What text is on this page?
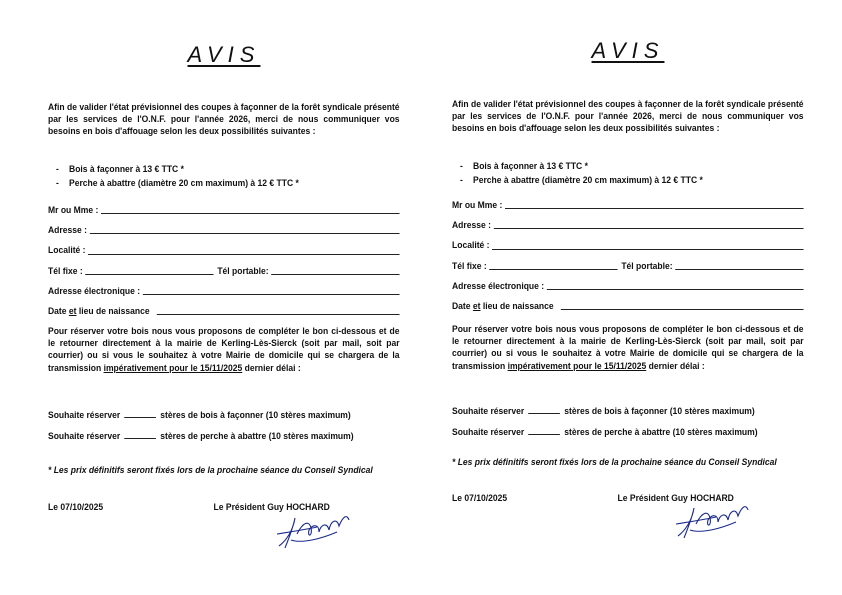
AVIS
Afin de valider l'état prévisionnel des coupes à façonner de la forêt syndicale présenté par les services de l'O.N.F. pour l'année 2026, merci de nous communiquer vos besoins en bois d'affouage selon les deux possibilités suivantes :
- Bois à façonner à 13 € TTC *
- Perche à abattre (diamètre 20 cm maximum) à 12 € TTC *
Mr ou Mme :
Adresse :
Localité :
Tél fixe :	Tél portable:
Adresse électronique :
Date et lieu de naissance
Pour réserver votre bois nous vous proposons de compléter le bon ci-dessous et de le retourner directement à la mairie de Kerling-Lès-Sierck (soit par mail, soit par courrier) ou si vous le souhaitez à votre Mairie de domicile qui se chargera de la transmission impérativement pour le 15/11/2025 dernier délai :
Souhaite réserver	stères de bois à façonner (10 stères maximum)
Souhaite réserver	stères de perche à abattre (10 stères maximum)
* Les prix définitifs seront fixés lors de la prochaine séance du Conseil Syndical
Le 07/10/2025	Le Président Guy HOCHARD
AVIS
Afin de valider l'état prévisionnel des coupes à façonner de la forêt syndicale présenté par les services de l'O.N.F. pour l'année 2026, merci de nous communiquer vos besoins en bois d'affouage selon les deux possibilités suivantes :
- Bois à façonner à 13 € TTC *
- Perche à abattre (diamètre 20 cm maximum) à 12 € TTC *
Mr ou Mme :
Adresse :
Localité :
Tél fixe :	Tél portable:
Adresse électronique :
Date et lieu de naissance
Pour réserver votre bois nous vous proposons de compléter le bon ci-dessous et de le retourner directement à la mairie de Kerling-Lès-Sierck (soit par mail, soit par courrier) ou si vous le souhaitez à votre Mairie de domicile qui se chargera de la transmission impérativement pour le 15/11/2025 dernier délai :
Souhaite réserver	stères de bois à façonner (10 stères maximum)
Souhaite réserver	stères de perche à abattre (10 stères maximum)
* Les prix définitifs seront fixés lors de la prochaine séance du Conseil Syndical
Le 07/10/2025	Le Président Guy HOCHARD
